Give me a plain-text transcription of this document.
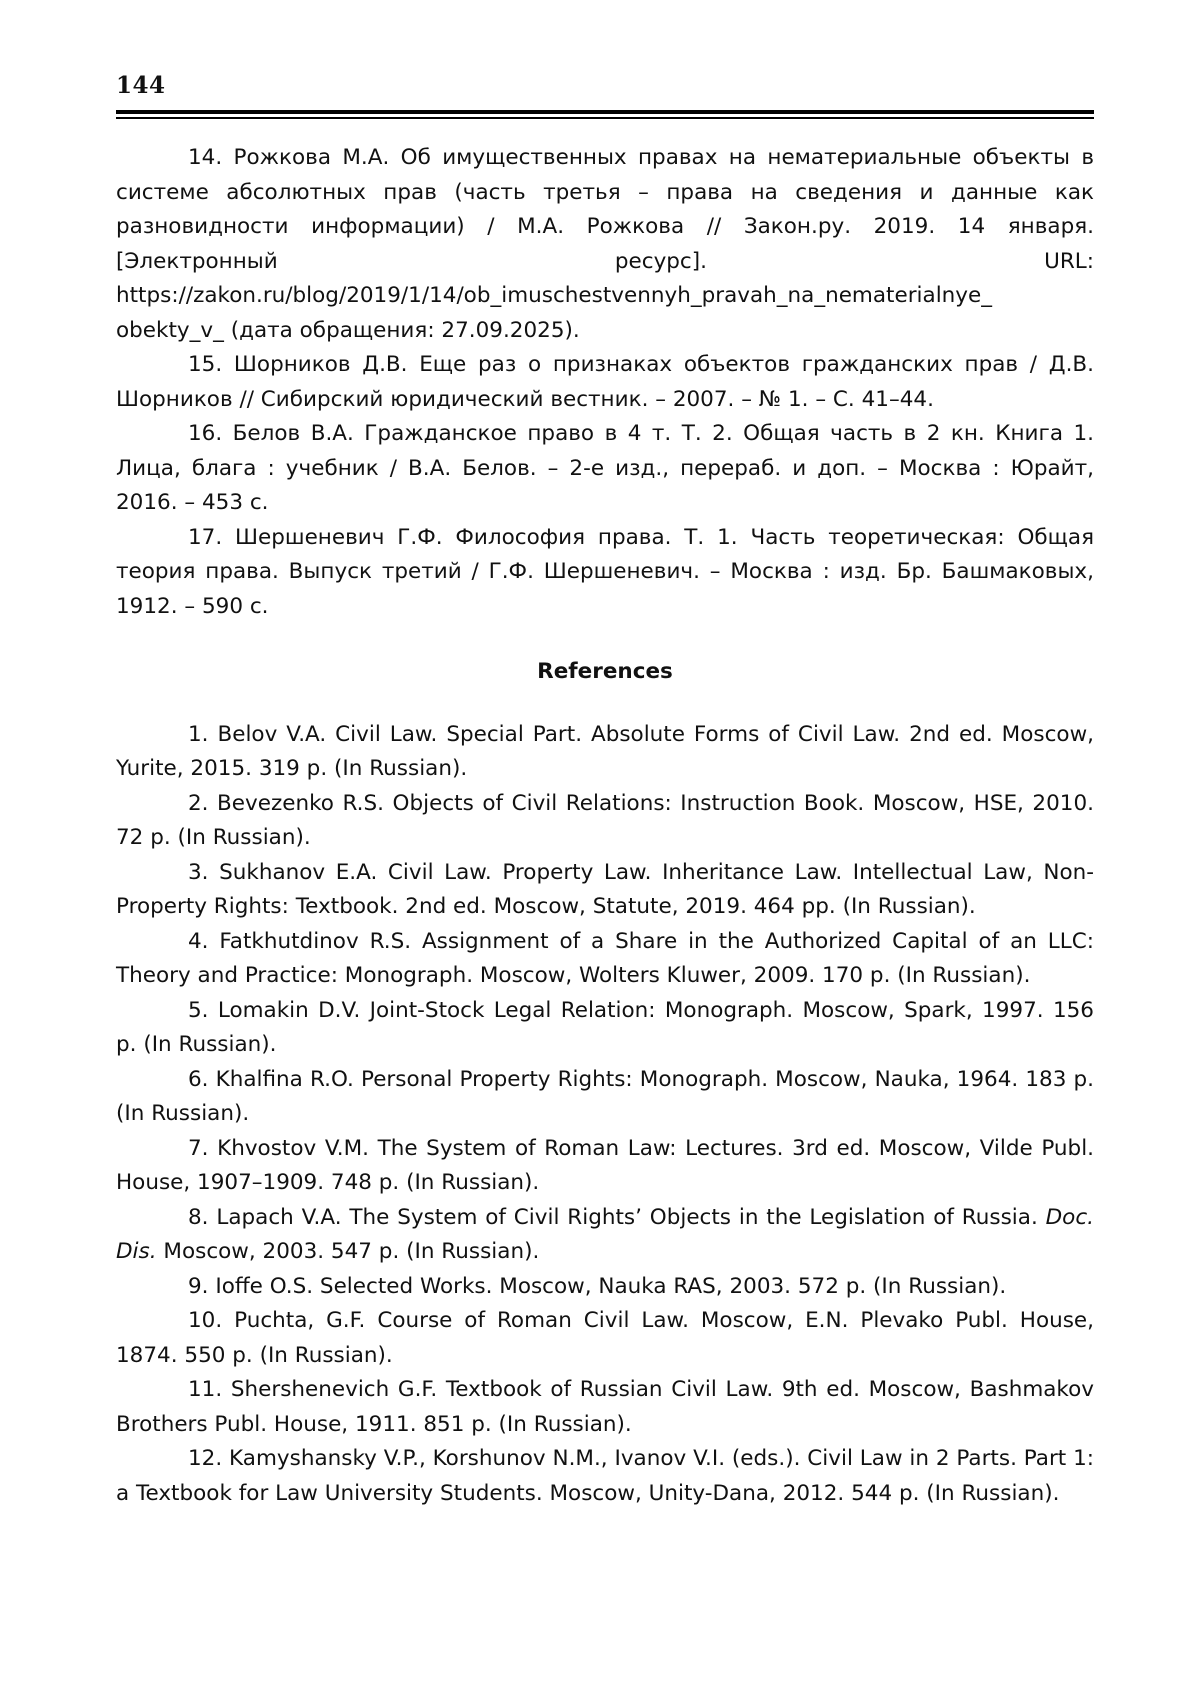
144

14. Рожкова М.А. Об имущественных правах на нематериальные объекты в системе абсолютных прав (часть третья – права на сведения и данные как разновидности информации) / М.А. Рожкова // Закон.ру. 2019. 14 января. [Электронный ресурс]. URL: https://zakon.ru/blog/2019/1/14/ob_imuschestvennyh_pravah_na_nematerialnye_ obekty_v_ (дата обращения: 27.09.2025).

15. Шорников Д.В. Еще раз о признаках объектов гражданских прав / Д.В. Шорников // Сибирский юридический вестник. – 2007. – № 1. – С. 41–44.

16. Белов В.А. Гражданское право в 4 т. Т. 2. Общая часть в 2 кн. Книга 1. Лица, блага : учебник / В.А. Белов. – 2-е изд., перераб. и доп. – Москва : Юрайт, 2016. – 453 с.

17. Шершеневич Г.Ф. Философия права. Т. 1. Часть теоретическая: Общая теория права. Выпуск третий / Г.Ф. Шершеневич. – Москва : изд. Бр. Башмаковых, 1912. – 590 с.

References

1. Belov V.A. Civil Law. Special Part. Absolute Forms of Civil Law. 2nd ed. Moscow, Yurite, 2015. 319 p. (In Russian).

2. Bevezenko R.S. Objects of Civil Relations: Instruction Book. Moscow, HSE, 2010. 72 p. (In Russian).

3. Sukhanov E.A. Civil Law. Property Law. Inheritance Law. Intellectual Law, Non-Property Rights: Textbook. 2nd ed. Moscow, Statute, 2019. 464 pp. (In Russian).

4. Fatkhutdinov R.S. Assignment of a Share in the Authorized Capital of an LLC: Theory and Practice: Monograph. Moscow, Wolters Kluwer, 2009. 170 p. (In Russian).

5. Lomakin D.V. Joint-Stock Legal Relation: Monograph. Moscow, Spark, 1997. 156 p. (In Russian).

6. Khalfina R.O. Personal Property Rights: Monograph. Moscow, Nauka, 1964. 183 p. (In Russian).

7. Khvostov V.M. The System of Roman Law: Lectures. 3rd ed. Moscow, Vilde Publ. House, 1907–1909. 748 p. (In Russian).

8. Lapach V.A. The System of Civil Rights’ Objects in the Legislation of Russia. Doc. Dis. Moscow, 2003. 547 p. (In Russian).

9. Ioffe O.S. Selected Works. Moscow, Nauka RAS, 2003. 572 p. (In Russian).

10. Puchta, G.F. Course of Roman Civil Law. Moscow, E.N. Plevako Publ. House, 1874. 550 p. (In Russian).

11. Shershenevich G.F. Textbook of Russian Civil Law. 9th ed. Moscow, Bashmakov Brothers Publ. House, 1911. 851 p. (In Russian).

12. Kamyshansky V.P., Korshunov N.M., Ivanov V.I. (eds.). Civil Law in 2 Parts. Part 1: a Textbook for Law University Students. Moscow, Unity-Dana, 2012. 544 p. (In Russian).
